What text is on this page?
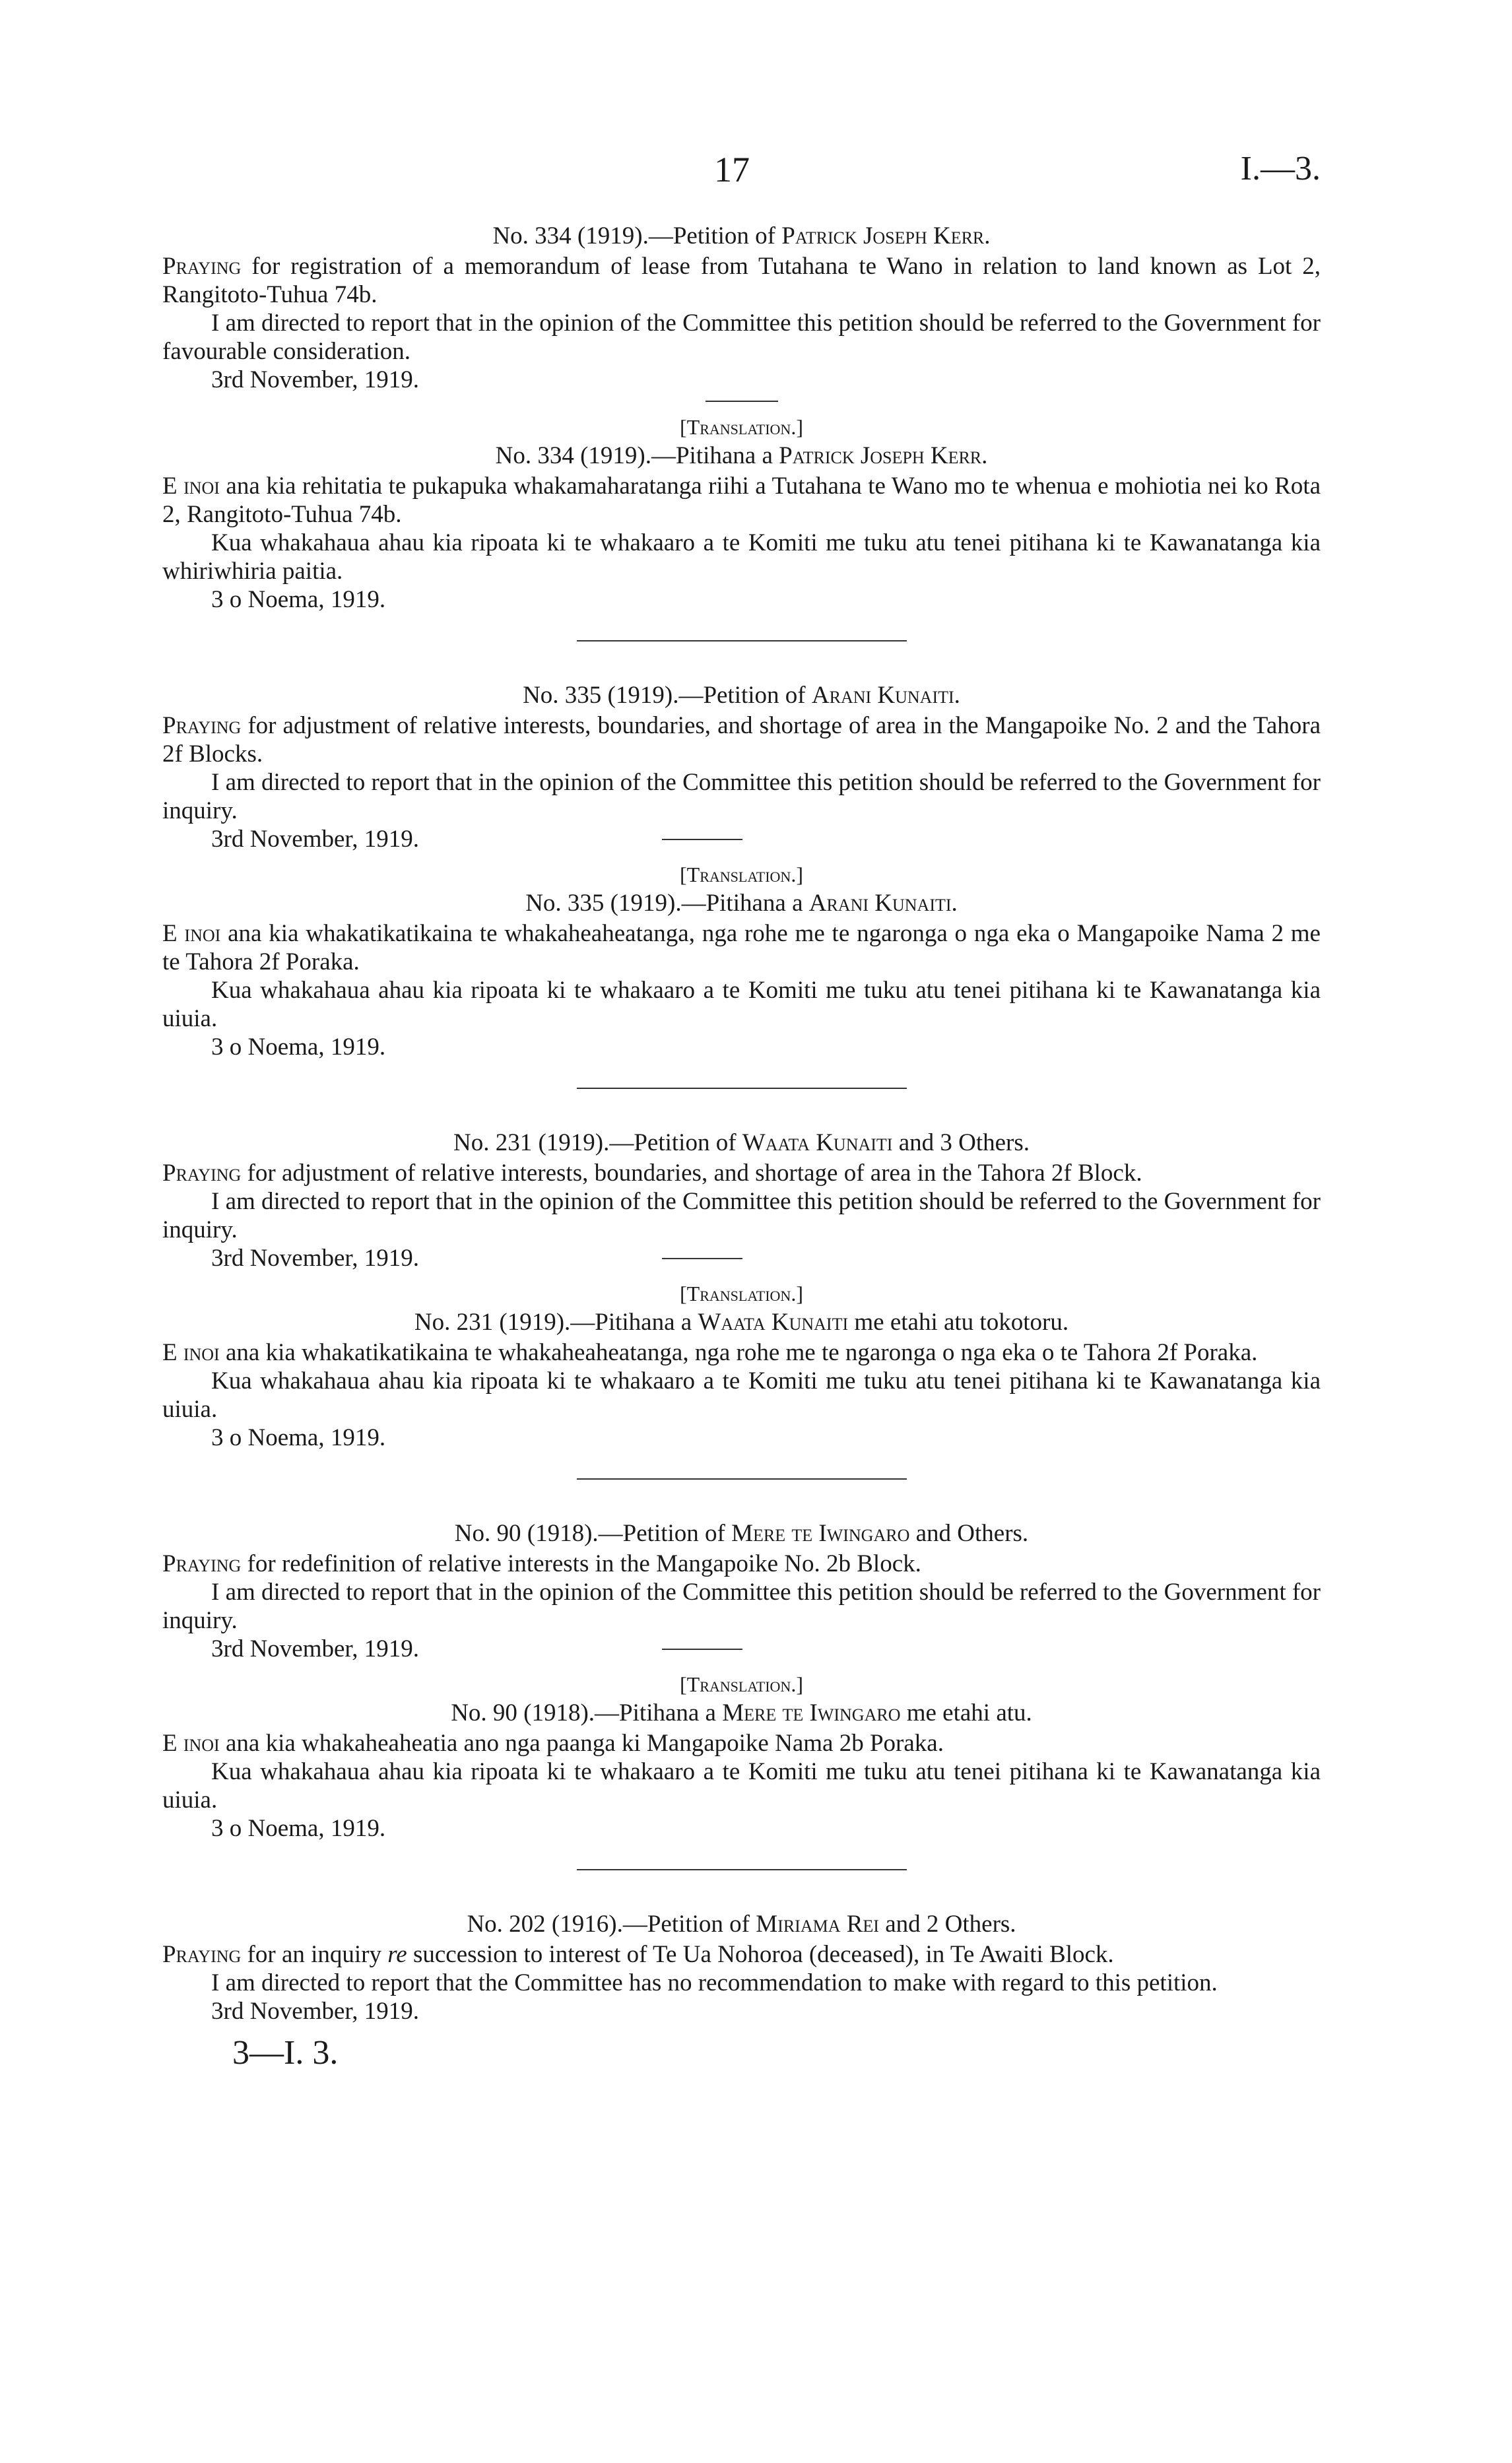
17	I.—3.
No. 334 (1919).—Petition of Patrick Joseph Kerr.

Praying for registration of a memorandum of lease from Tutahana te Wano in relation to land known as Lot 2, Rangitoto-Tuhua 74b.

I am directed to report that in the opinion of the Committee this petition should be referred to the Government for favourable consideration.

3rd November, 1919.
[Translation.]
No. 334 (1919).—Pitihana a Patrick Joseph Kerr.

E inoi ana kia rehitatia te pukapuka whakamaharatanga riihi a Tutahana te Wano mo te whenua e mohiotia nei ko Rota 2, Rangitoto-Tuhua 74b.

Kua whakahaua ahau kia ripoata ki te whakaaro a te Komiti me tuku atu tenei pitihana ki te Kawanatanga kia whiriwhiria paitia.

3 o Noema, 1919.
No. 335 (1919).—Petition of Arani Kunaiti.

Praying for adjustment of relative interests, boundaries, and shortage of area in the Mangapoike No. 2 and the Tahora 2f Blocks.

I am directed to report that in the opinion of the Committee this petition should be referred to the Government for inquiry.

3rd November, 1919.
[Translation.]
No. 335 (1919).—Pitihana a Arani Kunaiti.

E inoi ana kia whakatikatikaina te whakaheaheatanga, nga rohe me te ngaronga o nga eka o Mangapoike Nama 2 me te Tahora 2f Poraka.

Kua whakahaua ahau kia ripoata ki te whakaaro a te Komiti me tuku atu tenei pitihana ki te Kawanatanga kia uiuia.

3 o Noema, 1919.
No. 231 (1919).—Petition of Waata Kunaiti and 3 Others.

Praying for adjustment of relative interests, boundaries, and shortage of area in the Tahora 2f Block.

I am directed to report that in the opinion of the Committee this petition should be referred to the Government for inquiry.

3rd November, 1919.
[Translation.]
No. 231 (1919).—Pitihana a Waata Kunaiti me etahi atu tokotoru.

E inoi ana kia whakatikatikaina te whakaheaheatanga, nga rohe me te ngaronga o nga eka o te Tahora 2f Poraka.

Kua whakahaua ahau kia ripoata ki te whakaaro a te Komiti me tuku atu tenei pitihana ki te Kawanatanga kia uiuia.

3 o Noema, 1919.
No. 90 (1918).—Petition of Mere te Iwingaro and Others.

Praying for redefinition of relative interests in the Mangapoike No. 2b Block.

I am directed to report that in the opinion of the Committee this petition should be referred to the Government for inquiry.

3rd November, 1919.
[Translation.]
No. 90 (1918).—Pitihana a Mere te Iwingaro me etahi atu.

E inoi ana kia whakaheaheatia ano nga paanga ki Mangapoike Nama 2b Poraka.

Kua whakahaua ahau kia ripoata ki te whakaaro a te Komiti me tuku atu tenei pitihana ki te Kawanatanga kia uiuia.

3 o Noema, 1919.
No. 202 (1916).—Petition of Miriama Rei and 2 Others.

Praying for an inquiry re succession to interest of Te Ua Nohoroa (deceased), in Te Awaiti Block.

I am directed to report that the Committee has no recommendation to make with regard to this petition.

3rd November, 1919.
3—I. 3.
